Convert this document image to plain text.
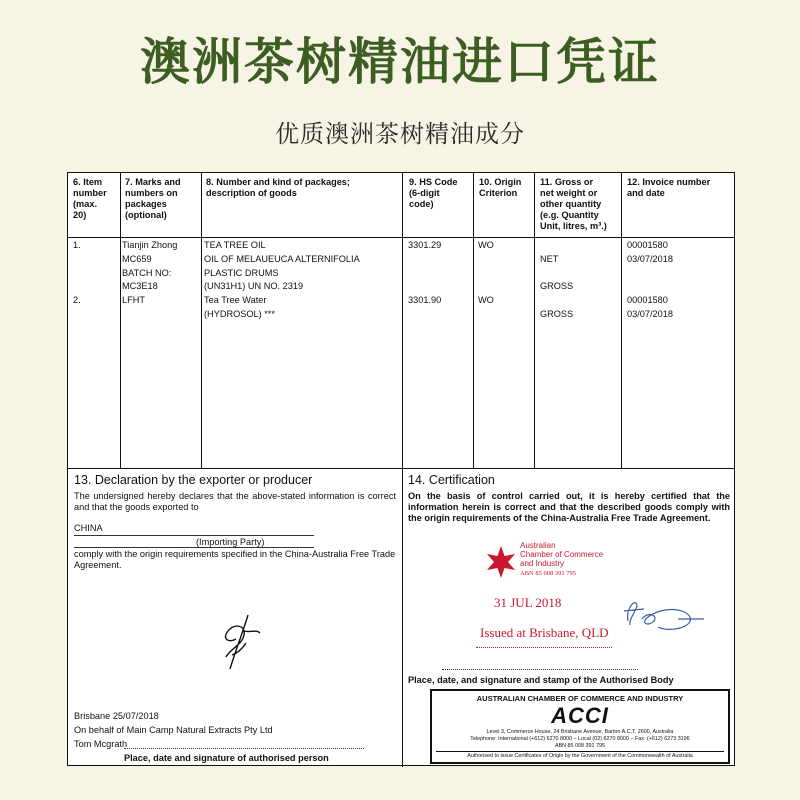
澳洲茶树精油进口凭证
优质澳洲茶树精油成分
6. Item
number
(max.
20)
7. Marks and
numbers on
packages
(optional)
8. Number and kind of packages;
description of goods
9. HS Code
(6-digit
code)
10. Origin
Criterion
11. Gross or
net weight or
other quantity
(e.g. Quantity
Unit, litres, m³.)
12. Invoice number
and date
1.

2.
Tianjin Zhong
MC659
BATCH NO:
MC3E18
LFHT
TEA TREE OIL
OIL OF MELAUEUCA ALTERNIFOLIA
PLASTIC DRUMS
(UN31H1) UN NO. 2319
Tea Tree Water
(HYDROSOL) ***
3301.29

3301.90
WO

WO

NET

GROSS

GROSS
00001580
03/07/2018

00001580
03/07/2018
13. Declaration by the exporter or producer
The undersigned hereby declares that the above-stated information is correct and that the goods exported to
CHINA
(Importing Party)
comply with the origin requirements specified in the China-Australia Free Trade Agreement.
Brisbane 25/07/2018
On behalf of Main Camp Natural Extracts Pty Ltd
Tom Mcgrath
Place, date and signature of authorised person
14. Certification
On the basis of control carried out, it is hereby certified that the information herein is correct and that the described goods comply with the origin requirements of the China-Australia Free Trade Agreement.
Australian
Chamber of Commerce
and Industry
ABN 85 008 391 795
31 JUL 2018
Issued at Brisbane, QLD
Place, date, and signature and stamp of the Authorised Body
AUSTRALIAN CHAMBER OF COMMERCE AND INDUSTRY
ACCI
Level 3, Commerce House, 24 Brisbane Avenue, Barton A.C.T. 2600, Australia
Telephone: International (+612) 6270 8000 – Local (02) 6270 8000 – Fax: (+612) 6273 3196
ABN 85 008 391 795
Authorised to issue Certificates of Origin by the Government of the Commonwealth of Australia
